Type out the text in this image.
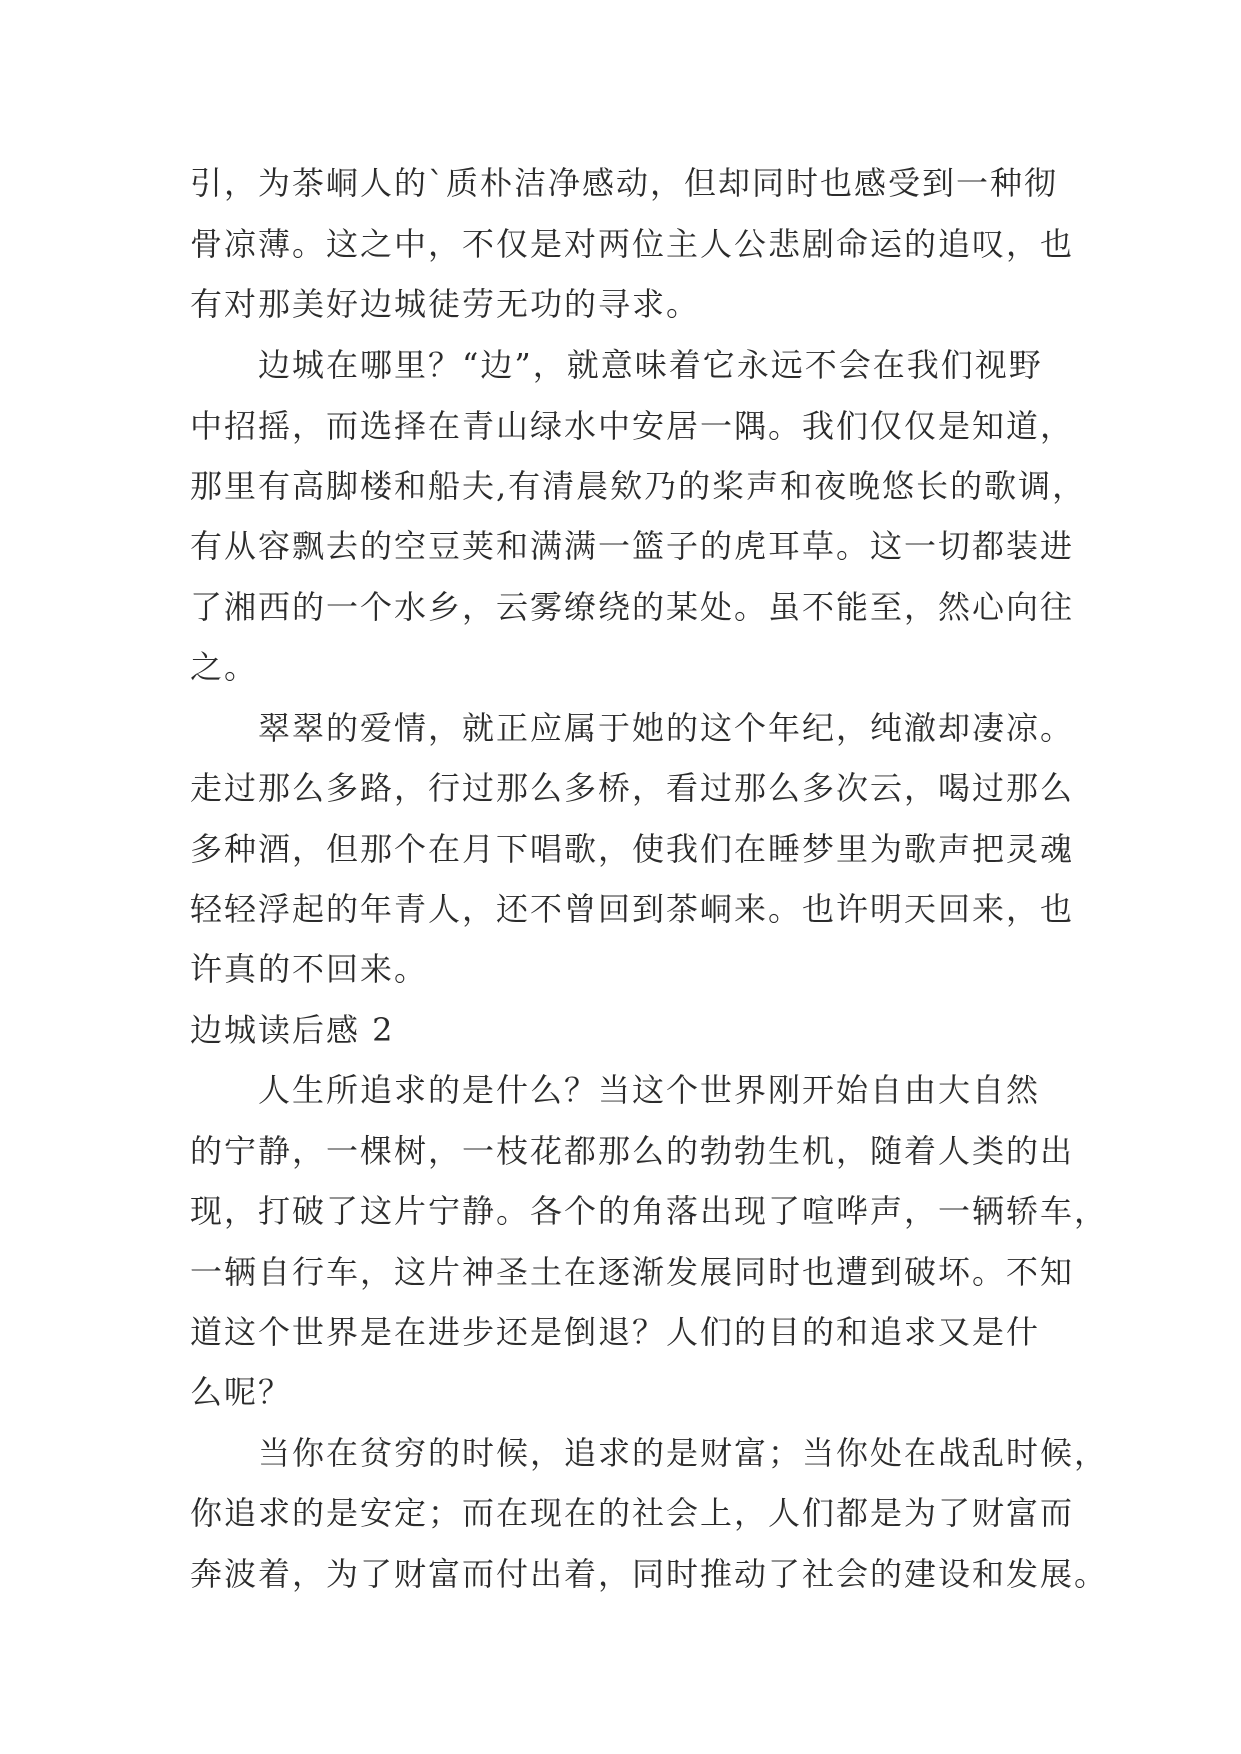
引，为茶峒人的`质朴洁净感动，但却同时也感受到一种彻
骨凉薄。这之中，不仅是对两位主人公悲剧命运的追叹，也
有对那美好边城徒劳无功的寻求。
边城在哪里？“边”，就意味着它永远不会在我们视野
中招摇，而选择在青山绿水中安居一隅。我们仅仅是知道，
那里有高脚楼和船夫,有清晨欸乃的桨声和夜晚悠长的歌调，
有从容飘去的空豆荚和满满一篮子的虎耳草。这一切都装进
了湘西的一个水乡，云雾缭绕的某处。虽不能至，然心向往
之。
翠翠的爱情，就正应属于她的这个年纪，纯澈却凄凉。
走过那么多路，行过那么多桥，看过那么多次云，喝过那么
多种酒，但那个在月下唱歌，使我们在睡梦里为歌声把灵魂
轻轻浮起的年青人，还不曾回到茶峒来。也许明天回来，也
许真的不回来。
边城读后感 2
人生所追求的是什么？当这个世界刚开始自由大自然
的宁静，一棵树，一枝花都那么的勃勃生机，随着人类的出
现，打破了这片宁静。各个的角落出现了喧哗声，一辆轿车，
一辆自行车，这片神圣土在逐渐发展同时也遭到破坏。不知
道这个世界是在进步还是倒退？人们的目的和追求又是什
么呢？
当你在贫穷的时候，追求的是财富；当你处在战乱时候，
你追求的是安定；而在现在的社会上，人们都是为了财富而
奔波着，为了财富而付出着，同时推动了社会的建设和发展。
